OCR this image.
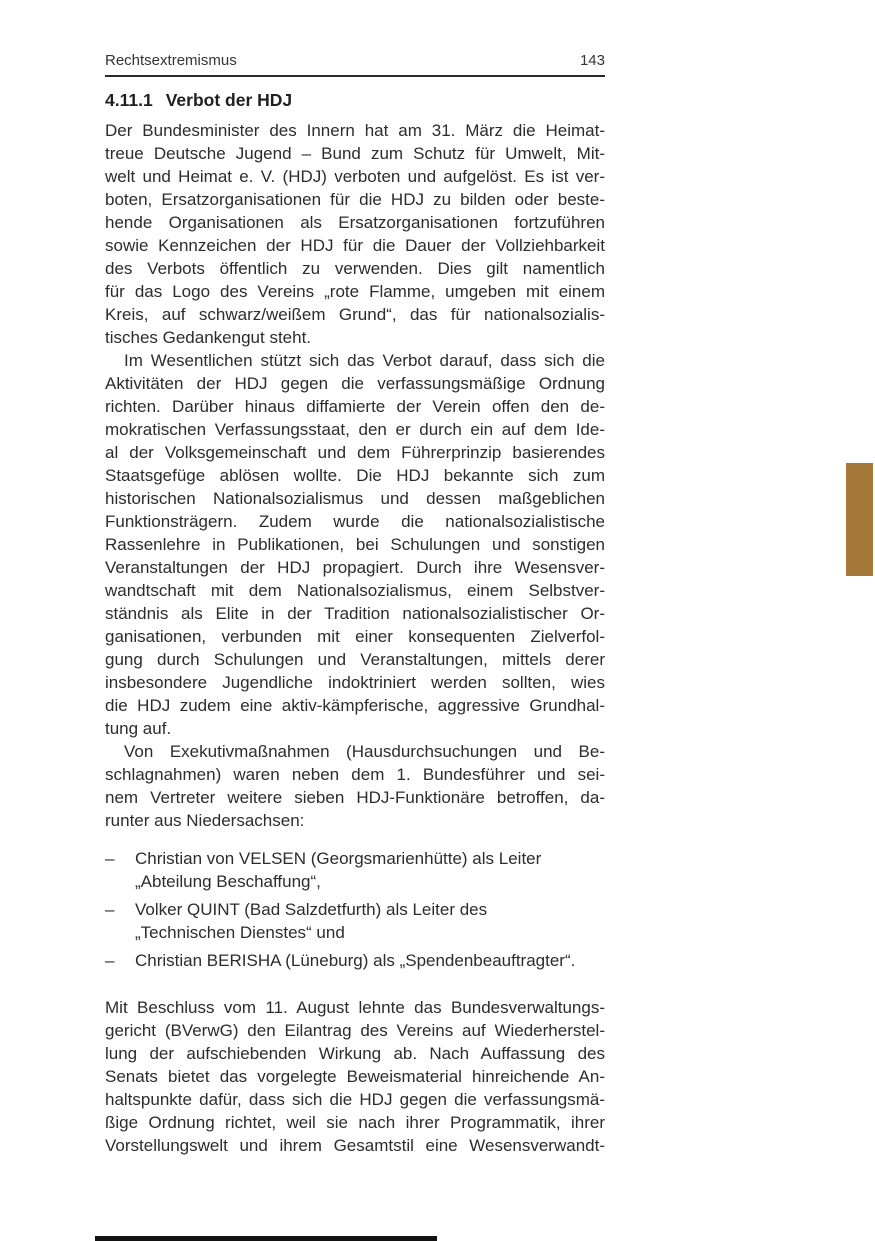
Rechtsextremismus	143
4.11.1 Verbot der HDJ

Der Bundesminister des Innern hat am 31. März die Heimat-
treue Deutsche Jugend – Bund zum Schutz für Umwelt, Mit-
welt und Heimat e. V. (HDJ) verboten und aufgelöst. Es ist ver-
boten, Ersatzorganisationen für die HDJ zu bilden oder beste-
hende Organisationen als Ersatzorganisationen fortzuführen
sowie Kennzeichen der HDJ für die Dauer der Vollziehbarkeit
des Verbots öffentlich zu verwenden. Dies gilt namentlich
für das Logo des Vereins „rote Flamme, umgeben mit einem
Kreis, auf schwarz/weißem Grund“, das für nationalsozialis-
tisches Gedankengut steht.

Im Wesentlichen stützt sich das Verbot darauf, dass sich die
Aktivitäten der HDJ gegen die verfassungsmäßige Ordnung
richten. Darüber hinaus diffamierte der Verein offen den de-
mokratischen Verfassungsstaat, den er durch ein auf dem Ide-
al der Volksgemeinschaft und dem Führerprinzip basierendes
Staatsgefüge ablösen wollte. Die HDJ bekannte sich zum
historischen Nationalsozialismus und dessen maßgeblichen
Funktionsträgern. Zudem wurde die nationalsozialistische
Rassenlehre in Publikationen, bei Schulungen und sonstigen
Veranstaltungen der HDJ propagiert. Durch ihre Wesensver-
wandtschaft mit dem Nationalsozialismus, einem Selbstver-
ständnis als Elite in der Tradition nationalsozialistischer Or-
ganisationen, verbunden mit einer konsequenten Zielverfol-
gung durch Schulungen und Veranstaltungen, mittels derer
insbesondere Jugendliche indoktriniert werden sollten, wies
die HDJ zudem eine aktiv-kämpferische, aggressive Grundhal-
tung auf.

Von Exekutivmaßnahmen (Hausdurchsuchungen und Be-
schlagnahmen) waren neben dem 1. Bundesführer und sei-
nem Vertreter weitere sieben HDJ-Funktionäre betroffen, da-
runter aus Niedersachsen:

– Christian von VELSEN (Georgsmarienhütte) als Leiter
„Abteilung Beschaffung“,
– Volker QUINT (Bad Salzdetfurth) als Leiter des
„Technischen Dienstes“ und
– Christian BERISHA (Lüneburg) als „Spendenbeauftragter“.

Mit Beschluss vom 11. August lehnte das Bundesverwaltungs-
gericht (BVerwG) den Eilantrag des Vereins auf Wiederherstel-
lung der aufschiebenden Wirkung ab. Nach Auffassung des
Senats bietet das vorgelegte Beweismaterial hinreichende An-
haltspunkte dafür, dass sich die HDJ gegen die verfassungsmä-
ßige Ordnung richtet, weil sie nach ihrer Programmatik, ihrer
Vorstellungswelt und ihrem Gesamtstil eine Wesensverwandt-
